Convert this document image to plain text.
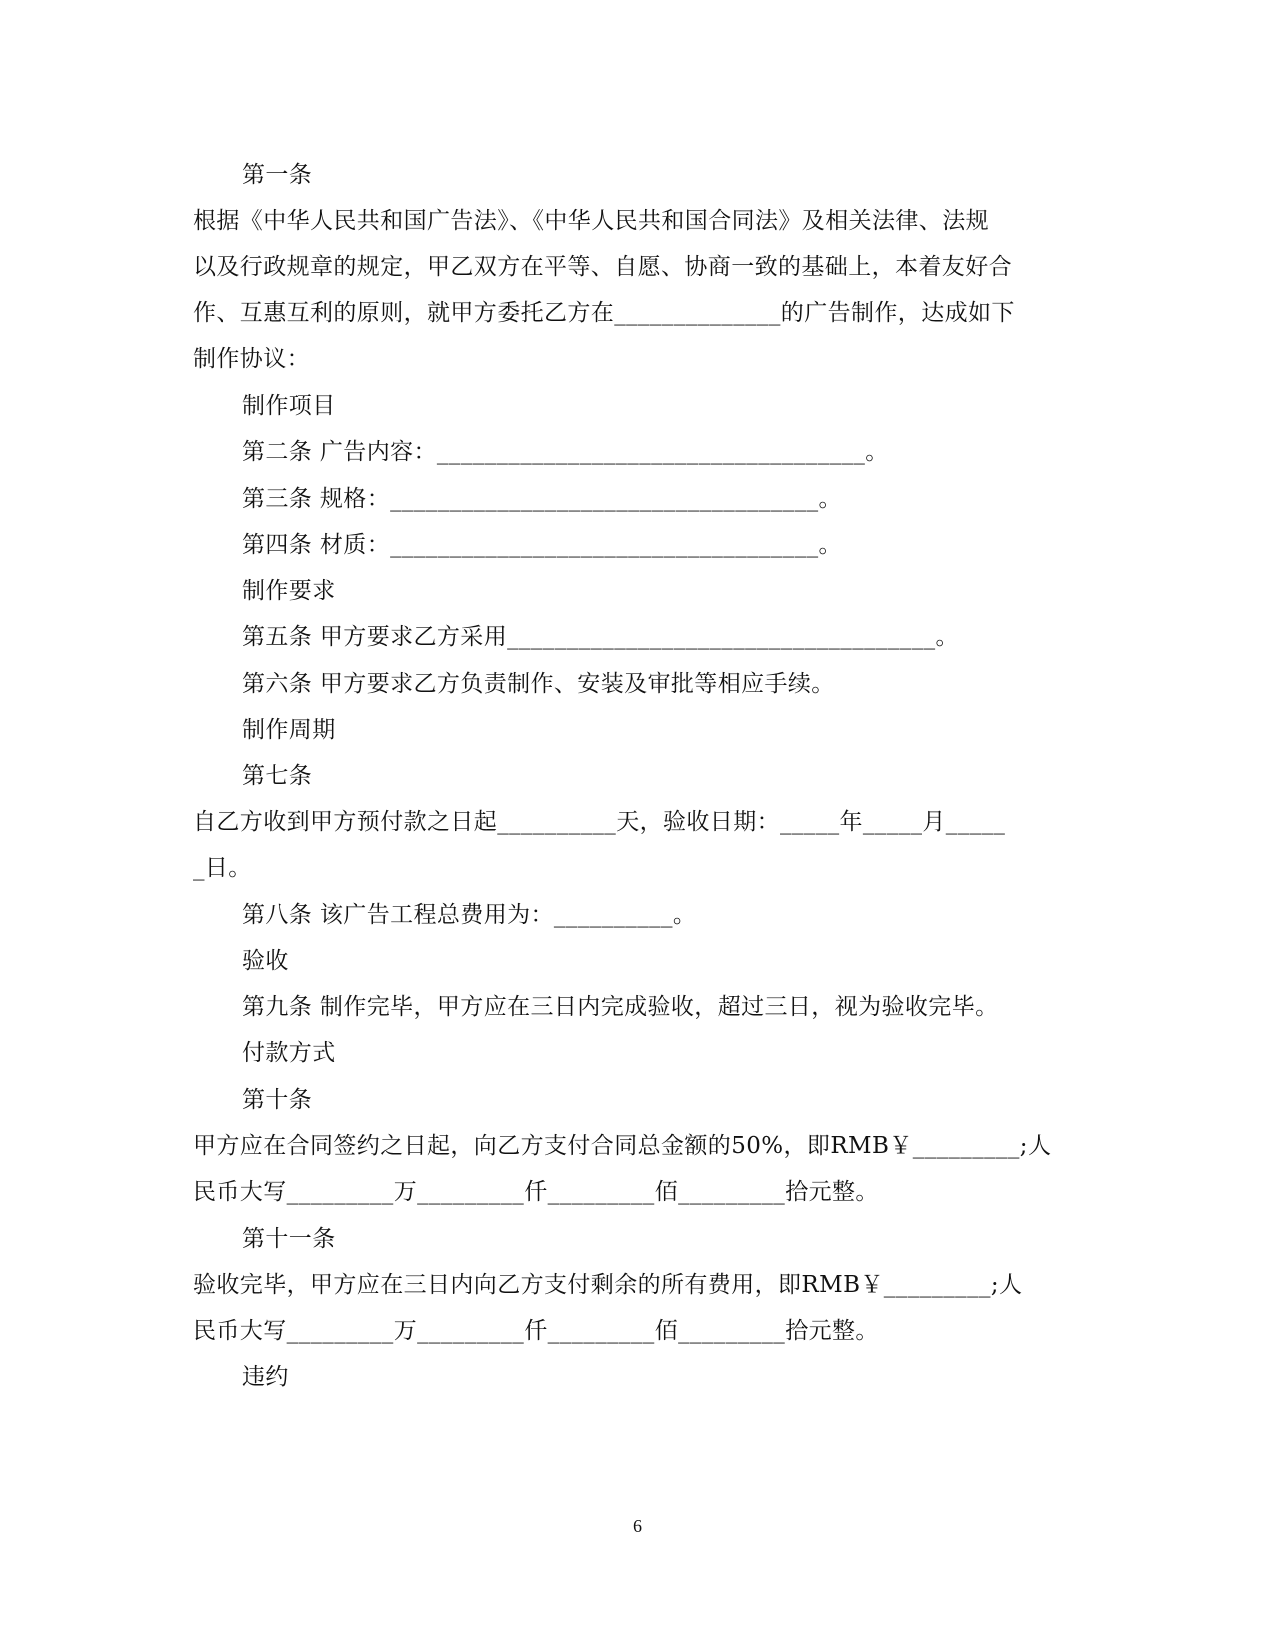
第一条
根据《中华人民共和国广告法》、《中华人民共和国合同法》及相关法律、法规
以及行政规章的规定，甲乙双方在平等、自愿、协商一致的基础上，本着友好合
作、互惠互利的原则，就甲方委托乙方在______________的广告制作，达成如下
制作协议：
制作项目
第二条 广告内容：____________________________________。
第三条 规格：____________________________________。
第四条 材质：____________________________________。
制作要求
第五条 甲方要求乙方采用____________________________________。
第六条 甲方要求乙方负责制作、安装及审批等相应手续。
制作周期
第七条
自乙方收到甲方预付款之日起__________天，验收日期：_____年_____月_____
_日。
第八条 该广告工程总费用为：__________。
验收
第九条 制作完毕，甲方应在三日内完成验收，超过三日，视为验收完毕。
付款方式
第十条
甲方应在合同签约之日起，向乙方支付合同总金额的50%，即RMB￥_________;人
民币大写_________万_________仟_________佰_________拾元整。
第十一条
验收完毕，甲方应在三日内向乙方支付剩余的所有费用，即RMB￥_________;人
民币大写_________万_________仟_________佰_________拾元整。
违约
6
